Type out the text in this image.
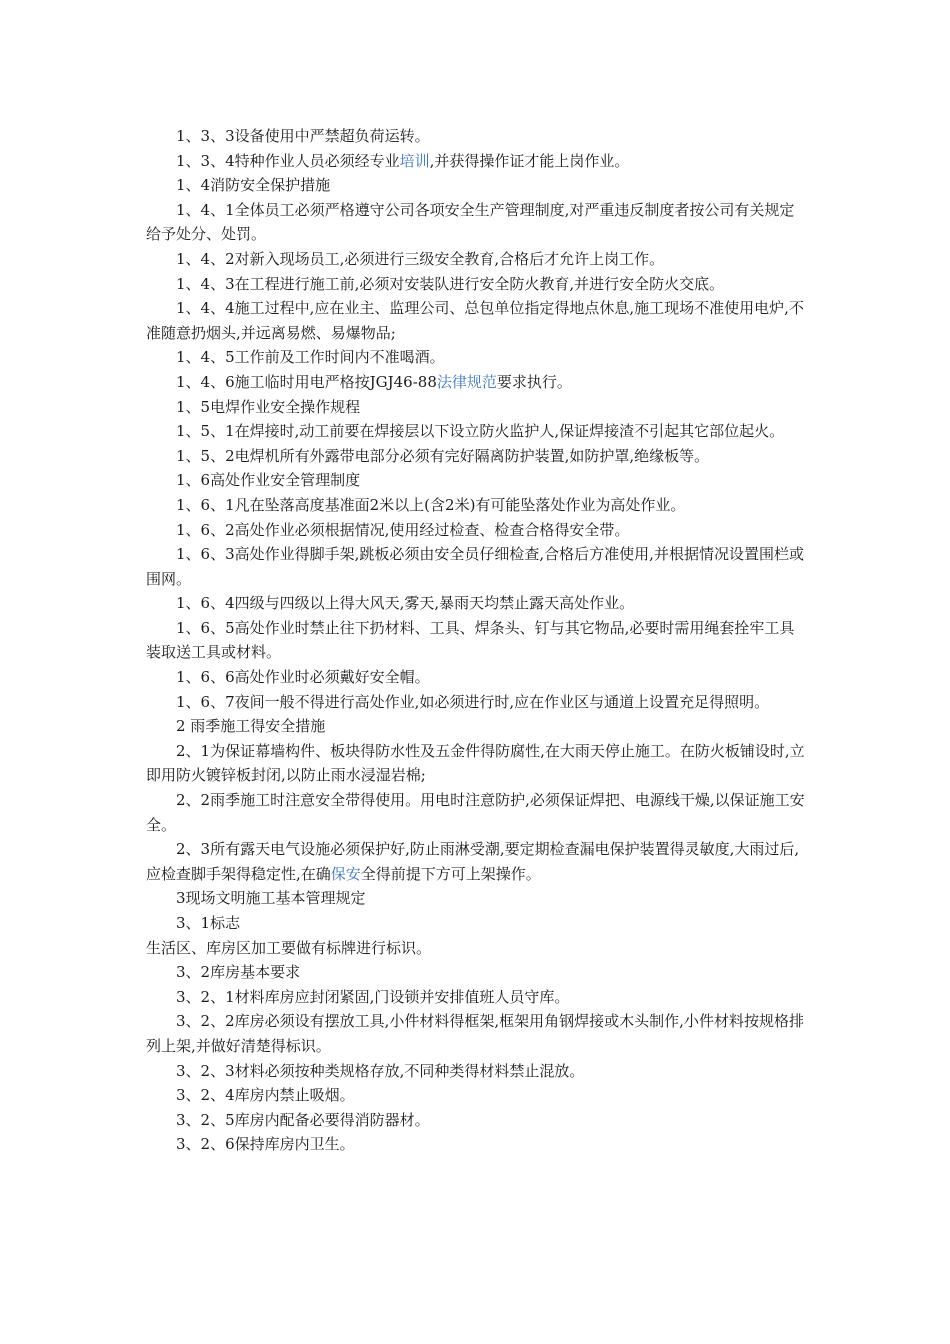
1、3、3设备使用中严禁超负荷运转。

1、3、4特种作业人员必须经专业培训,并获得操作证才能上岗作业。

1、4消防安全保护措施

1、4、1全体员工必须严格遵守公司各项安全生产管理制度,对严重违反制度者按公司有关规定给予处分、处罚。

1、4、2对新入现场员工,必须进行三级安全教育,合格后才允许上岗工作。

1、4、3在工程进行施工前,必须对安装队进行安全防火教育,并进行安全防火交底。

1、4、4施工过程中,应在业主、监理公司、总包单位指定得地点休息,施工现场不准使用电炉,不准随意扔烟头,并远离易燃、易爆物品;

1、4、5工作前及工作时间内不准喝酒。

1、4、6施工临时用电严格按JGJ46-88法律规范要求执行。

1、5电焊作业安全操作规程

1、5、1在焊接时,动工前要在焊接层以下设立防火监护人,保证焊接渣不引起其它部位起火。

1、5、2电焊机所有外露带电部分必须有完好隔离防护装置,如防护罩,绝缘板等。

1、6高处作业安全管理制度

1、6、1凡在坠落高度基准面2米以上(含2米)有可能坠落处作业为高处作业。

1、6、2高处作业必须根据情况,使用经过检查、检查合格得安全带。

1、6、3高处作业得脚手架,跳板必须由安全员仔细检查,合格后方准使用,并根据情况设置围栏或围网。

1、6、4四级与四级以上得大风天,雾天,暴雨天均禁止露天高处作业。

1、6、5高处作业时禁止往下扔材料、工具、焊条头、钉与其它物品,必要时需用绳套拴牢工具装取送工具或材料。

1、6、6高处作业时必须戴好安全帽。

1、6、7夜间一般不得进行高处作业,如必须进行时,应在作业区与通道上设置充足得照明。

2 雨季施工得安全措施

2、1为保证幕墙构件、板块得防水性及五金件得防腐性,在大雨天停止施工。在防火板铺设时,立即用防火镀锌板封闭,以防止雨水浸湿岩棉;

2、2雨季施工时注意安全带得使用。用电时注意防护,必须保证焊把、电源线干燥,以保证施工安全。

2、3所有露天电气设施必须保护好,防止雨淋受潮,要定期检查漏电保护装置得灵敏度,大雨过后,应检查脚手架得稳定性,在确保安全得前提下方可上架操作。

3现场文明施工基本管理规定

3、1标志

生活区、库房区加工要做有标牌进行标识。

3、2库房基本要求

3、2、1材料库房应封闭紧固,门设锁并安排值班人员守库。

3、2、2库房必须设有摆放工具,小件材料得框架,框架用角钢焊接或木头制作,小件材料按规格排列上架,并做好清楚得标识。

3、2、3材料必须按种类规格存放,不同种类得材料禁止混放。

3、2、4库房内禁止吸烟。

3、2、5库房内配备必要得消防器材。

3、2、6保持库房内卫生。
